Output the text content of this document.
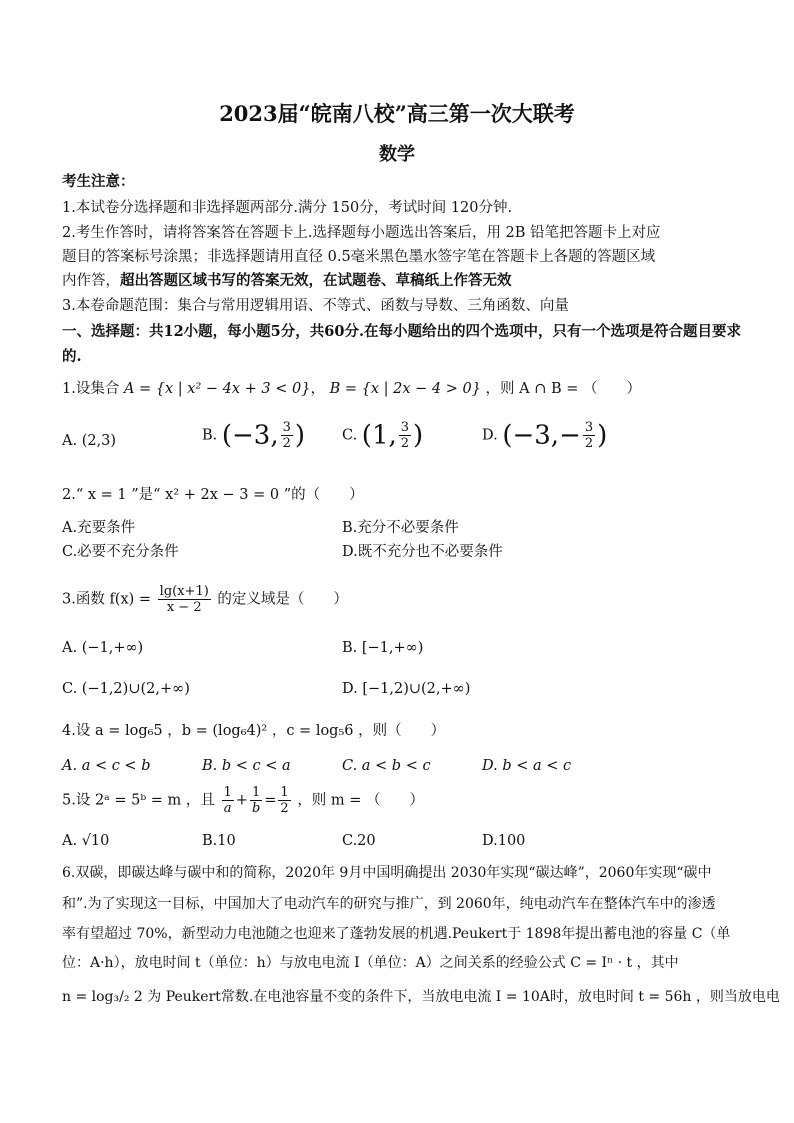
2023届“皖南八校”高三第一次大联考
数学
考生注意：
1.本试卷分选择题和非选择题两部分.满分 150分，考试时间 120分钟.
2.考生作答时，请将答案答在答题卡上.选择题每小题选出答案后，用 2B 铅笔把答题卡上对应
题目的答案标号涂黑；非选择题请用直径 0.5毫米黑色墨水签字笔在答题卡上各题的答题区域
内作答，超出答题区域书写的答案无效，在试题卷、草稿纸上作答无效
3.本卷命题范围：集合与常用逻辑用语、不等式、函数与导数、三角函数、向量
一、选择题：共12小题，每小题5分，共60分.在每小题给出的四个选项中，只有一个选项是符合题目要求
的.
1.设集合 A = {x | x² − 4x + 3 < 0}， B = {x | 2x − 4 > 0} ，则 A ∩ B = （　　）
A. (2,3)	B. (−3, $\frac{3}{2}$ )	C. (1, $\frac{3}{2}$ )	D. ($-3,- \frac{3}{2}$ )
2.“ x = 1 ”是“ x² + 2x − 3 = 0 ”的（　　）
A.充要条件	B.充分不必要条件
C.必要不充分条件	D.既不充分也不必要条件
3.函数 $f(x) = \frac{\lg(x+1)}{x - 2}$ 的定义域是（　　）
A. (−1,+∞)	B. [−1,+∞)
C. (−1,2)∪(2,+∞)	D. [−1,2)∪(2,+∞)
4.设 a = log₆5 ，b = (log₆4)² ，c = log₅6 ，则（　　）
A. a < c < b	B. b < c < a	C. a < b < c	D. b < a < c
5.设 2ᵃ = 5ᵇ = m ，且 $\frac{1}{a} + \frac{1}{b} = \frac{1}{2}$ ，则 m = （　　）
A. √10	B.10	C.20	D.100
6.双碳，即碳达峰与碳中和的简称，2020年 9月中国明确提出 2030年实现“碳达峰”，2060年实现“碳中
和”.为了实现这一目标，中国加大了电动汽车的研究与推广，到 2060年，纯电动汽车在整体汽车中的渗透
率有望超过 70%，新型动力电池随之也迎来了蓬勃发展的机遇.Peukert于 1898年提出蓄电池的容量 C（单
位：A·h），放电时间 t（单位：h）与放电电流 I（单位：A）之间关系的经验公式 C = Iⁿ · t ，其中
n = log₃/₂ 2 为 Peukert常数.在电池容量不变的条件下，当放电电流 I = 10A时，放电时间 t = 56h ，则当放电电
